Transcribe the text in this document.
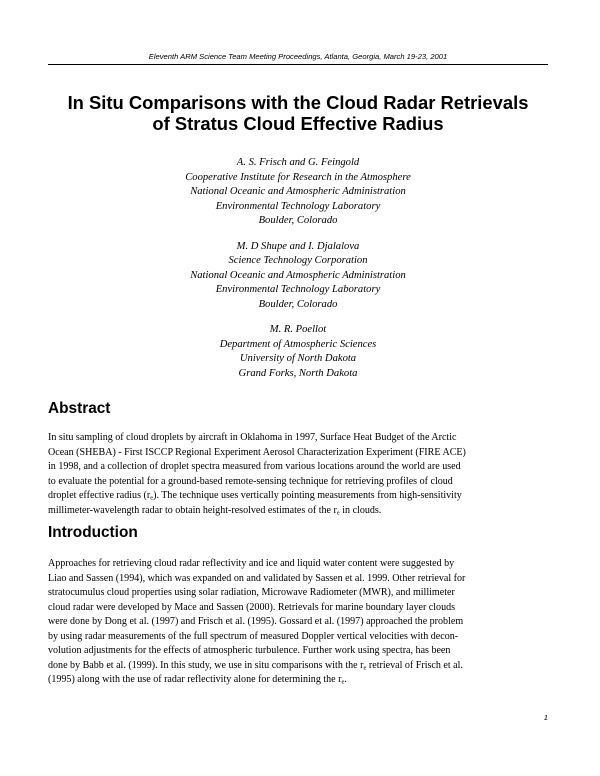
Eleventh ARM Science Team Meeting Proceedings, Atlanta, Georgia, March 19-23, 2001
In Situ Comparisons with the Cloud Radar Retrievals
of Stratus Cloud Effective Radius
A. S. Frisch and G. Feingold
Cooperative Institute for Research in the Atmosphere
National Oceanic and Atmospheric Administration
Environmental Technology Laboratory
Boulder, Colorado
M. D Shupe and I. Djalalova
Science Technology Corporation
National Oceanic and Atmospheric Administration
Environmental Technology Laboratory
Boulder, Colorado
M. R. Poellot
Department of Atmospheric Sciences
University of North Dakota
Grand Forks, North Dakota
Abstract
In situ sampling of cloud droplets by aircraft in Oklahoma in 1997, Surface Heat Budget of the Arctic
Ocean (SHEBA) - First ISCCP Regional Experiment Aerosol Characterization Experiment (FIRE ACE)
in 1998, and a collection of droplet spectra measured from various locations around the world are used
to evaluate the potential for a ground-based remote-sensing technique for retrieving profiles of cloud
droplet effective radius $(r_e)$. The technique uses vertically pointing measurements from high-sensitivity
millimeter-wavelength radar to obtain height-resolved estimates of the $r_e$ in clouds.
Introduction
Approaches for retrieving cloud radar reflectivity and ice and liquid water content were suggested by
Liao and Sassen (1994), which was expanded on and validated by Sassen et al. 1999. Other retrieval for
stratocumulus cloud properties using solar radiation, Microwave Radiometer (MWR), and millimeter
cloud radar were developed by Mace and Sassen (2000). Retrievals for marine boundary layer clouds
were done by Dong et al. (1997) and Frisch et al. (1995). Gossard et al. (1997) approached the problem
by using radar measurements of the full spectrum of measured Doppler vertical velocities with decon-
volution adjustments for the effects of atmospheric turbulence. Further work using spectra, has been
done by Babb et al. (1999). In this study, we use in situ comparisons with the $r_e$ retrieval of Frisch et al.
(1995) along with the use of radar reflectivity alone for determining the $r_e$.
1
